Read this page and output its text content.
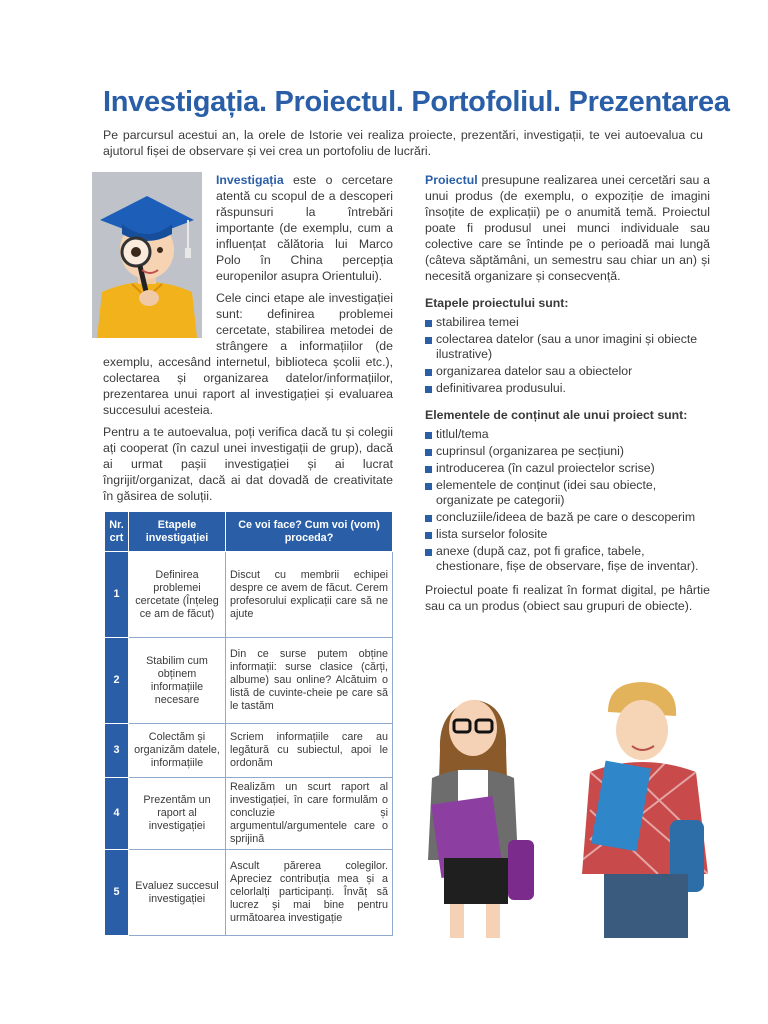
Investigația. Proiectul. Portofoliul. Prezentarea
Pe parcursul acestui an, la orele de Istorie vei realiza proiecte, prezentări, investigații, te vei autoevalua cu ajutorul fișei de observare și vei crea un portofoliu de lucrări.

Investigația este o cercetare atentă cu scopul de a descoperi răspunsuri la întrebări importante (de exemplu, cum a influențat călătoria lui Marco Polo în China percepția europenilor asupra Orientului).

Cele cinci etape ale investigației sunt: definirea problemei cercetate, stabilirea metodei de strângere a informațiilor (de exemplu, accesând internetul, biblioteca școlii etc.), colectarea și organizarea datelor/informațiilor, prezentarea unui raport al investigației și evaluarea succesului acesteia.

Pentru a te autoevalua, poți verifica dacă tu și colegii ați cooperat (în cazul unei investigații de grup), dacă ai urmat pașii investigației și ai lucrat îngrijit/organizat, dacă ai dat dovadă de creativitate în găsirea de soluții.

Nr. crt	Etapele investigației	Ce voi face? Cum voi (vom) proceda?
1	Definirea problemei cercetate (Înțeleg ce am de făcut)	Discut cu membrii echipei despre ce avem de făcut. Cerem profesorului explicații care să ne ajute
2	Stabilim cum obținem informațiile necesare	Din ce surse putem obține informații: surse clasice (cărți, albume) sau online? Alcătuim o listă de cuvinte-cheie pe care să le tastăm
3	Colectăm și organizăm datele, informațiile	Scriem informațiile care au legătură cu subiectul, apoi le ordonăm
4	Prezentăm un raport al investigației	Realizăm un scurt raport al investigației, în care formulăm o concluzie și argumentul/argumentele care o sprijină
5	Evaluez succesul investigației	Ascult părerea colegilor. Apreciez contribuția mea și a celorlalți participanți. Învăț să lucrez și mai bine pentru următoarea investigație

Proiectul presupune realizarea unei cercetări sau a unui produs (de exemplu, o expoziție de imagini însoțite de explicații) pe o anumită temă. Proiectul poate fi produsul unei munci individuale sau colective care se întinde pe o perioadă mai lungă (câteva săptămâni, un semestru sau chiar un an) și necesită organizare și consecvență.

Etapele proiectului sunt:
stabilirea temei
colectarea datelor (sau a unor imagini și obiecte ilustrative)
organizarea datelor sau a obiectelor
definitivarea produsului.
Elementele de conținut ale unui proiect sunt:
titlul/tema
cuprinsul (organizarea pe secțiuni)
introducerea (în cazul proiectelor scrise)
elementele de conținut (idei sau obiecte, organizate pe categorii)
concluziile/ideea de bază pe care o descoperim
lista surselor folosite
anexe (după caz, pot fi grafice, tabele, chestionare, fișe de observare, fișe de inventar).

Proiectul poate fi realizat în format digital, pe hârtie sau ca un produs (obiect sau grupuri de obiecte).
